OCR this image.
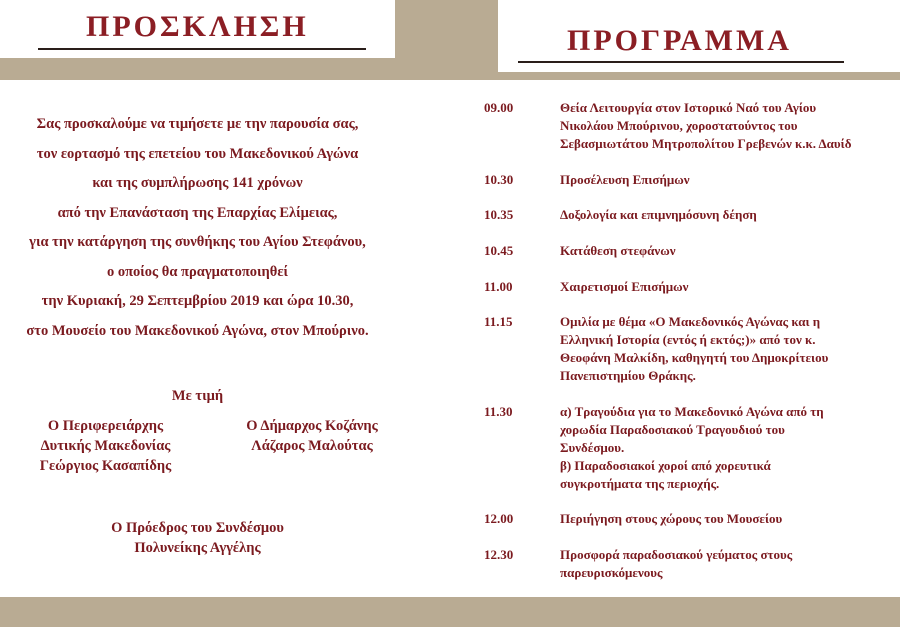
ΠΡΟΣΚΛΗΣΗ	ΠΡΟΓΡΑΜΜΑ
Σας προσκαλούμε να τιμήσετε με την παρουσία σας,
τον εορτασμό της επετείου του Μακεδονικού Αγώνα
και της συμπλήρωσης 141 χρόνων
από την Επανάσταση της Επαρχίας Ελίμειας,
για την κατάργηση της συνθήκης του Αγίου Στεφάνου,
ο οποίος θα πραγματοποιηθεί
την Κυριακή, 29 Σεπτεμβρίου 2019 και ώρα 10.30,
στο Μουσείο του Μακεδονικού Αγώνα, στον Μπούρινο.
Με τιμή
Ο Περιφερειάρχης
Δυτικής Μακεδονίας
Γεώργιος Κασαπίδης
Ο Δήμαρχος Κοζάνης
Λάζαρος Μαλούτας
Ο Πρόεδρος του Συνδέσμου
Πολυνείκης Αγγέλης
09.00	Θεία Λειτουργία στον Ιστορικό Ναό του Αγίου
Νικολάου Μπούρινου, χοροστατούντος του
Σεβασμιωτάτου Μητροπολίτου Γρεβενών κ.κ. Δαυίδ
10.30	Προσέλευση Επισήμων
10.35	Δοξολογία και επιμνημόσυνη δέηση
10.45	Κατάθεση στεφάνων
11.00	Χαιρετισμοί Επισήμων
11.15	Ομιλία με θέμα «Ο Μακεδονικός Αγώνας και η
Ελληνική Ιστορία (εντός ή εκτός;)» από τον κ.
Θεοφάνη Μαλκίδη, καθηγητή του Δημοκρίτειου
Πανεπιστημίου Θράκης.
11.30	α) Τραγούδια για το Μακεδονικό Αγώνα από τη
χορωδία Παραδοσιακού Τραγουδιού του
Συνδέσμου.
β) Παραδοσιακοί χοροί από χορευτικά
συγκροτήματα της περιοχής.
12.00	Περιήγηση στους χώρους του Μουσείου
12.30	Προσφορά παραδοσιακού γεύματος στους
παρευρισκόμενους
